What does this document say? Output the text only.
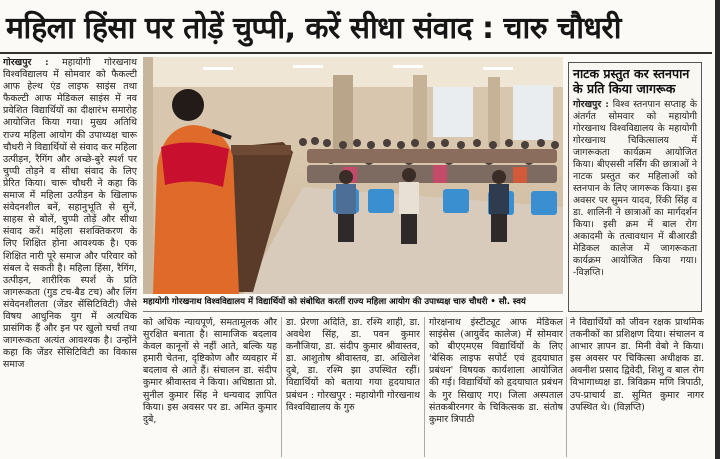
महिला हिंसा पर तोड़ें चुप्पी, करें सीधा संवाद : चारु चौधरी

गोरखपुर : महायोगी गोरखनाथ विश्वविद्यालय में सोमवार को फैकल्टी आफ हेल्थ एंड लाइफ साइंस तथा फैकल्टी आफ मेडिकल साइंस में नव प्रवेशित विद्यार्थियों का दीक्षारंभ समारोह आयोजित किया गया। मुख्य अतिथि राज्य महिला आयोग की उपाध्यक्ष चारू चौधरी ने विद्यार्थियों से संवाद कर महिला उत्पीड़न, रैगिंग और अच्छे-बुरे स्पर्श पर चुप्पी तोड़ने व सीधा संवाद के लिए प्रेरित किया। चारू चौधरी ने कहा कि समाज में महिला उत्पीड़न के खिलाफ संवेदनशील बनें, सहानुभूति से सुनें, साहस से बोलें, चुप्पी तोड़ें और सीधा संवाद करें। महिला सशक्तिकरण के लिए शिक्षित होना आवश्यक है। एक शिक्षित नारी पूरे समाज और परिवार को संबल दे सकती है। महिला हिंसा, रैगिंग, उत्पीड़न, शारीरिक स्पर्श के प्रति जागरूकता (गुड टच-बैड टच) और लिंग संवेदनशीलता (जेंडर सेंसिटिविटी) जैसे विषय आधुनिक युग में अत्यधिक प्रासंगिक हैं और इन पर खुलो चर्चा तथा जागरूकता अत्यंत आवश्यक है। उन्होंने कहा कि जेंडर सेंसिटिविटी का विकास समाज

महायोगी गोरखनाथ विश्वविद्यालय में विद्यार्थियों को संबोधित करतीं राज्य महिला आयोग की उपाध्यक्ष चारु चौधरी • सौ. स्वयं

को अधिक न्यायपूर्ण, समतामूलक और सुरक्षित बनाता है। सामाजिक बदलाव केवल कानूनों से नहीं आते, बल्कि यह हमारी चेतना, दृष्टिकोण और व्यवहार में बदलाव से आते हैं। संचालन डा. संदीप कुमार श्रीवास्तव ने किया। अधिष्ठाता प्रो. सुनील कुमार सिंह ने धन्यवाद ज्ञापित किया। इस अवसर पर डा. अमित कुमार दुबे,

डा. प्रेरणा अदिति, डा. रश्मि शाही, डा. अवधेश सिंह, डा. पवन कुमार कनौजिया, डा. संदीप कुमार श्रीवास्तव, डा. आशुतोष श्रीवास्तव, डा. अखिलेश दुबे, डा. रश्मि झा उपस्थित रहीं। विद्यार्थियों को बताया गया हृदयाघात प्रबंधन : गोरखपुर : महायोगी गोरखनाथ विश्वविद्यालय के गुरु

गोरक्षनाथ इंस्टीट्यूट आफ मेडिकल साइंसेस (आयुर्वेद कालेज) में सोमवार को बीएएमएस विद्यार्थियों के लिए 'बेसिक लाइफ सपोर्ट एवं हृदयाघात प्रबंधन' विषयक कार्यशाला आयोजित की गई। विद्यार्थियों को हृदयाघात प्रबंधन के गुर सिखाए गए। जिला अस्पताल संतकबीरनगर के चिकित्सक डा. संतोष कुमार त्रिपाठी

ने विद्यार्थियों को जीवन रक्षक प्राथमिक तकनीकों का प्रशिक्षण दिया। संचालन व आभार ज्ञापन डा. मिनी वेबो ने किया। इस अवसर पर चिकित्सा अधीक्षक डा. अवनीश प्रसाद द्विवेदी, शिशु व बाल रोग विभागाध्यक्ष डा. त्रिविक्रम मणि त्रिपाठी, उप-प्राचार्य डा. सुमित कुमार नागर उपस्थित थे। (विज्ञप्ति)

नाटक प्रस्तुत कर स्तनपान के प्रति किया जागरूक
गोरखपुर : विश्व स्तनपान सप्ताह के अंतर्गत सोमवार को महायोगी गोरखनाथ विश्वविद्यालय के महायोगी गोरखनाथ चिकित्सालय में जागरूकता कार्यक्रम आयोजित किया। बीएससी नर्सिंग की छात्राओं ने नाटक प्रस्तुत कर महिलाओं को स्तनपान के लिए जागरूक किया। इस अवसर पर सुमन यादव, रिंकी सिंह व डा. शालिनी ने छात्राओं का मार्गदर्शन किया। इसी क्रम में बाल रोग अकादमी के तत्वावधान में बीआरडी मेडिकल कालेज में जागरूकता कार्यक्रम आयोजित किया गया। -विज्ञप्ति।
